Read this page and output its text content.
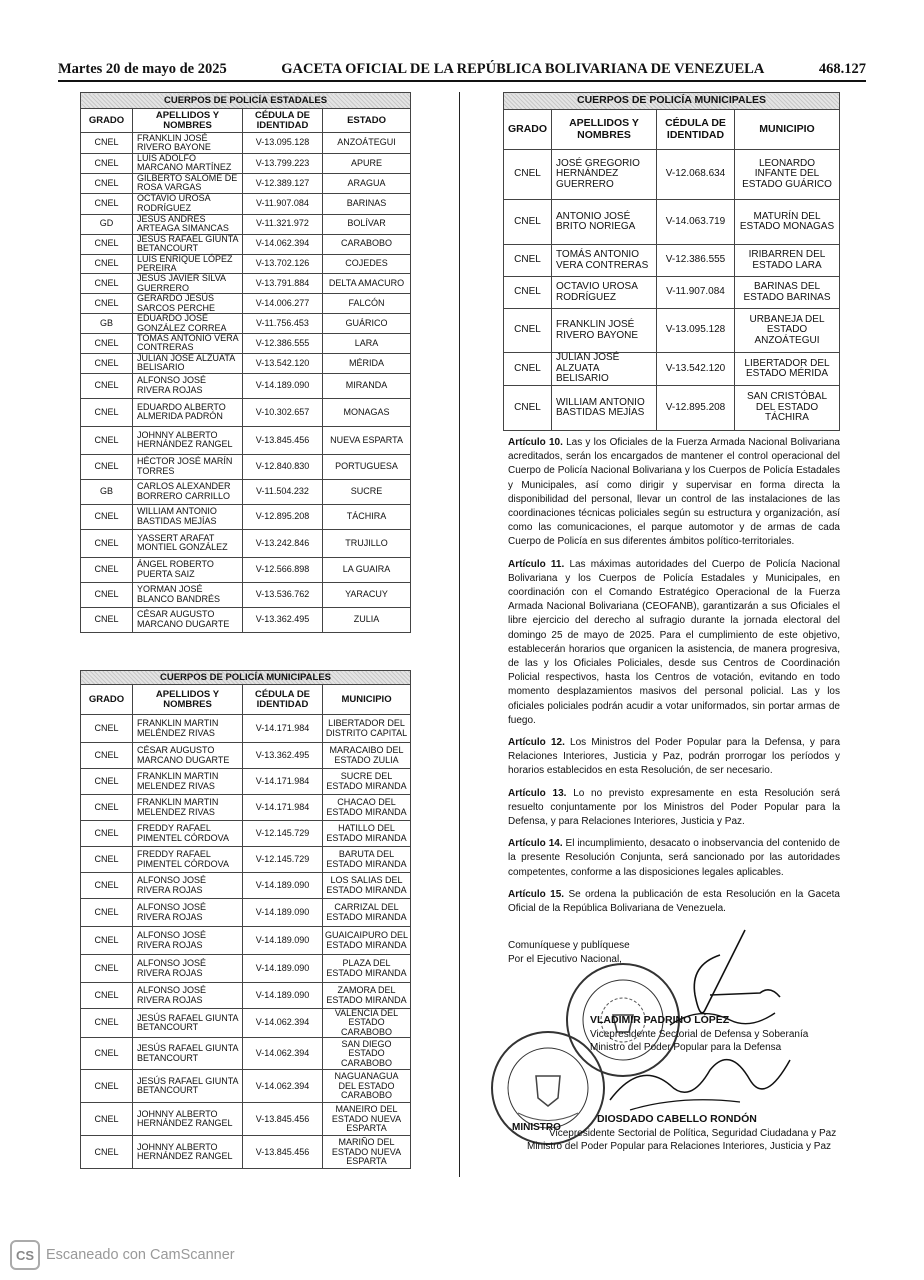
Martes 20 de mayo de 2025	GACETA OFICIAL DE LA REPÚBLICA BOLIVARIANA DE VENEZUELA	468.127
CUERPOS DE POLICÍA ESTADALES			
GRADO	APELLIDOS Y NOMBRES	CÉDULA DE IDENTIDAD	ESTADO
CNEL	FRANKLIN JOSÉ RIVERO BAYONE	V-13.095.128	ANZOÁTEGUI
CNEL	LUÍS ADOLFO MARCANO MARTÍNEZ	V-13.799.223	APURE
CNEL	GILBERTO SALOMÉ DE ROSA VARGAS	V-12.389.127	ARAGUA
CNEL	OCTAVIO UROSA RODRÍGUEZ	V-11.907.084	BARINAS
GD	JESÚS ANDRÉS ARTEAGA SIMANCAS	V-11.321.972	BOLÍVAR
CNEL	JESÚS RAFAEL GIUNTA BETANCOURT	V-14.062.394	CARABOBO
CNEL	LUÍS ENRIQUE LÓPEZ PEREIRA	V-13.702.126	COJEDES
CNEL	JESÚS JAVIER SILVA GUERRERO	V-13.791.884	DELTA AMACURO
CNEL	GERARDO JESÚS SARCOS PERCHE	V-14.006.277	FALCÓN
GB	EDUARDO JOSÉ GONZÁLEZ CORREA	V-11.756.453	GUÁRICO
CNEL	TOMÁS ANTONIO VERA CONTRERAS	V-12.386.555	LARA
CNEL	JULIAN JOSÉ ALZUATA BELISARIO	V-13.542.120	MÉRIDA
CNEL	ALFONSO JOSÉ RIVERA ROJAS	V-14.189.090	MIRANDA
CNEL	EDUARDO ALBERTO ALMERIDA PADRÓN	V-10.302.657	MONAGAS
CNEL	JOHNNY ALBERTO HERNÁNDEZ RANGEL	V-13.845.456	NUEVA ESPARTA
CNEL	HÉCTOR JOSÉ MARÍN TORRES	V-12.840.830	PORTUGUESA
GB	CARLOS ALEXANDER BORRERO CARRILLO	V-11.504.232	SUCRE
CNEL	WILLIAM ANTONIO BASTIDAS MEJÍAS	V-12.895.208	TÁCHIRA
CNEL	YASSERT ARAFAT MONTIEL GONZÁLEZ	V-13.242.846	TRUJILLO
CNEL	ÁNGEL ROBERTO PUERTA SAIZ	V-12.566.898	LA GUAIRA
CNEL	YORMAN JOSÉ BLANCO BANDRÉS	V-13.536.762	YARACUY
CNEL	CÉSAR AUGUSTO MARCANO DUGARTE	V-13.362.495	ZULIA
CUERPOS DE POLICÍA MUNICIPALES			
GRADO	APELLIDOS Y NOMBRES	CÉDULA DE IDENTIDAD	MUNICIPIO
CNEL	FRANKLIN MARTIN MELÉNDEZ RIVAS	V-14.171.984	LIBERTADOR DEL DISTRITO CAPITAL
CNEL	CÉSAR AUGUSTO MARCANO DUGARTE	V-13.362.495	MARACAIBO DEL ESTADO ZULIA
CNEL	FRANKLIN MARTIN MELENDEZ RIVAS	V-14.171.984	SUCRE DEL ESTADO MIRANDA
CNEL	FRANKLIN MARTIN MELENDEZ RIVAS	V-14.171.984	CHACAO DEL ESTADO MIRANDA
CNEL	FREDDY RAFAEL PIMENTEL CÓRDOVA	V-12.145.729	HATILLO DEL ESTADO MIRANDA
CNEL	FREDDY RAFAEL PIMENTEL CÓRDOVA	V-12.145.729	BARUTA DEL ESTADO MIRANDA
CNEL	ALFONSO JOSÉ RIVERA ROJAS	V-14.189.090	LOS SALIAS DEL ESTADO MIRANDA
CNEL	ALFONSO JOSÉ RIVERA ROJAS	V-14.189.090	CARRIZAL DEL ESTADO MIRANDA
CNEL	ALFONSO JOSÉ RIVERA ROJAS	V-14.189.090	GUAICAIPURO DEL ESTADO MIRANDA
CNEL	ALFONSO JOSÉ RIVERA ROJAS	V-14.189.090	PLAZA DEL ESTADO MIRANDA
CNEL	ALFONSO JOSÉ RIVERA ROJAS	V-14.189.090	ZAMORA DEL ESTADO MIRANDA
CNEL	JESÚS RAFAEL GIUNTA BETANCOURT	V-14.062.394	VALENCIA DEL ESTADO CARABOBO
CNEL	JESÚS RAFAEL GIUNTA BETANCOURT	V-14.062.394	SAN DIEGO ESTADO CARABOBO
CNEL	JESÚS RAFAEL GIUNTA BETANCOURT	V-14.062.394	NAGUANAGUA DEL ESTADO CARABOBO
CNEL	JOHNNY ALBERTO HERNÁNDEZ RANGEL	V-13.845.456	MANEIRO DEL ESTADO NUEVA ESPARTA
CNEL	JOHNNY ALBERTO HERNÁNDEZ RANGEL	V-13.845.456	MARIÑO DEL ESTADO NUEVA ESPARTA
CUERPOS DE POLICÍA MUNICIPALES			
GRADO	APELLIDOS Y NOMBRES	CÉDULA DE IDENTIDAD	MUNICIPIO
CNEL	JOSÉ GREGORIO HERNÁNDEZ GUERRERO	V-12.068.634	LEONARDO INFANTE DEL ESTADO GUÁRICO
CNEL	ANTONIO JOSÉ BRITO NORIEGA	V-14.063.719	MATURÍN DEL ESTADO MONAGAS
CNEL	TOMÁS ANTONIO VERA CONTRERAS	V-12.386.555	IRIBARREN DEL ESTADO LARA
CNEL	OCTAVIO UROSA RODRÍGUEZ	V-11.907.084	BARINAS DEL ESTADO BARINAS
CNEL	FRANKLIN JOSÉ RIVERO BAYONE	V-13.095.128	URBANEJA DEL ESTADO ANZOÁTEGUI
CNEL	JULIAN JOSÉ ALZUATA BELISARIO	V-13.542.120	LIBERTADOR DEL ESTADO MÉRIDA
CNEL	WILLIAM ANTONIO BASTIDAS MEJÍAS	V-12.895.208	SAN CRISTÓBAL DEL ESTADO TÁCHIRA

Artículo 10. Las y los Oficiales de la Fuerza Armada Nacional Bolivariana acreditados, serán los encargados de mantener el control operacional del Cuerpo de Policía Nacional Bolivariana y los Cuerpos de Policía Estadales y Municipales, así como dirigir y supervisar en forma directa la disponibilidad del personal, llevar un control de las instalaciones de las coordinaciones técnicas policiales según su estructura y organización, así como las comunicaciones, el parque automotor y de armas de cada Cuerpo de Policía en sus diferentes ámbitos político-territoriales.

Artículo 11. Las máximas autoridades del Cuerpo de Policía Nacional Bolivariana y los Cuerpos de Policía Estadales y Municipales, en coordinación con el Comando Estratégico Operacional de la Fuerza Armada Nacional Bolivariana (CEOFANB), garantizarán a sus Oficiales el libre ejercicio del derecho al sufragio durante la jornada electoral del domingo 25 de mayo de 2025. Para el cumplimiento de este objetivo, establecerán horarios que organicen la asistencia, de manera progresiva, de las y los Oficiales Policiales, desde sus Centros de Coordinación Policial respectivos, hasta los Centros de votación, evitando en todo momento desplazamientos masivos del personal policial. Las y los oficiales policiales podrán acudir a votar uniformados, sin portar armas de fuego.

Artículo 12. Los Ministros del Poder Popular para la Defensa, y para Relaciones Interiores, Justicia y Paz, podrán prorrogar los períodos y horarios establecidos en esta Resolución, de ser necesario.

Artículo 13. Lo no previsto expresamente en esta Resolución será resuelto conjuntamente por los Ministros del Poder Popular para la Defensa, y para Relaciones Interiores, Justicia y Paz.

Artículo 14. El incumplimiento, desacato o inobservancia del contenido de la presente Resolución Conjunta, será sancionado por las autoridades competentes, conforme a las disposiciones legales aplicables.

Artículo 15. Se ordena la publicación de esta Resolución en la Gaceta Oficial de la República Bolivariana de Venezuela.

Comuníquese y publíquese
Por el Ejecutivo Nacional,
VLADIMIR PADRINO LÓPEZ
Vicepresidente Sectorial de Defensa y Soberanía
Ministro del Poder Popular para la Defensa
DIOSDADO CABELLO RONDÓN
Vicepresidente Sectorial de Política, Seguridad Ciudadana y Paz
Ministro del Poder Popular para Relaciones Interiores, Justicia y Paz
MINISTRO
CS Escaneado con CamScanner
